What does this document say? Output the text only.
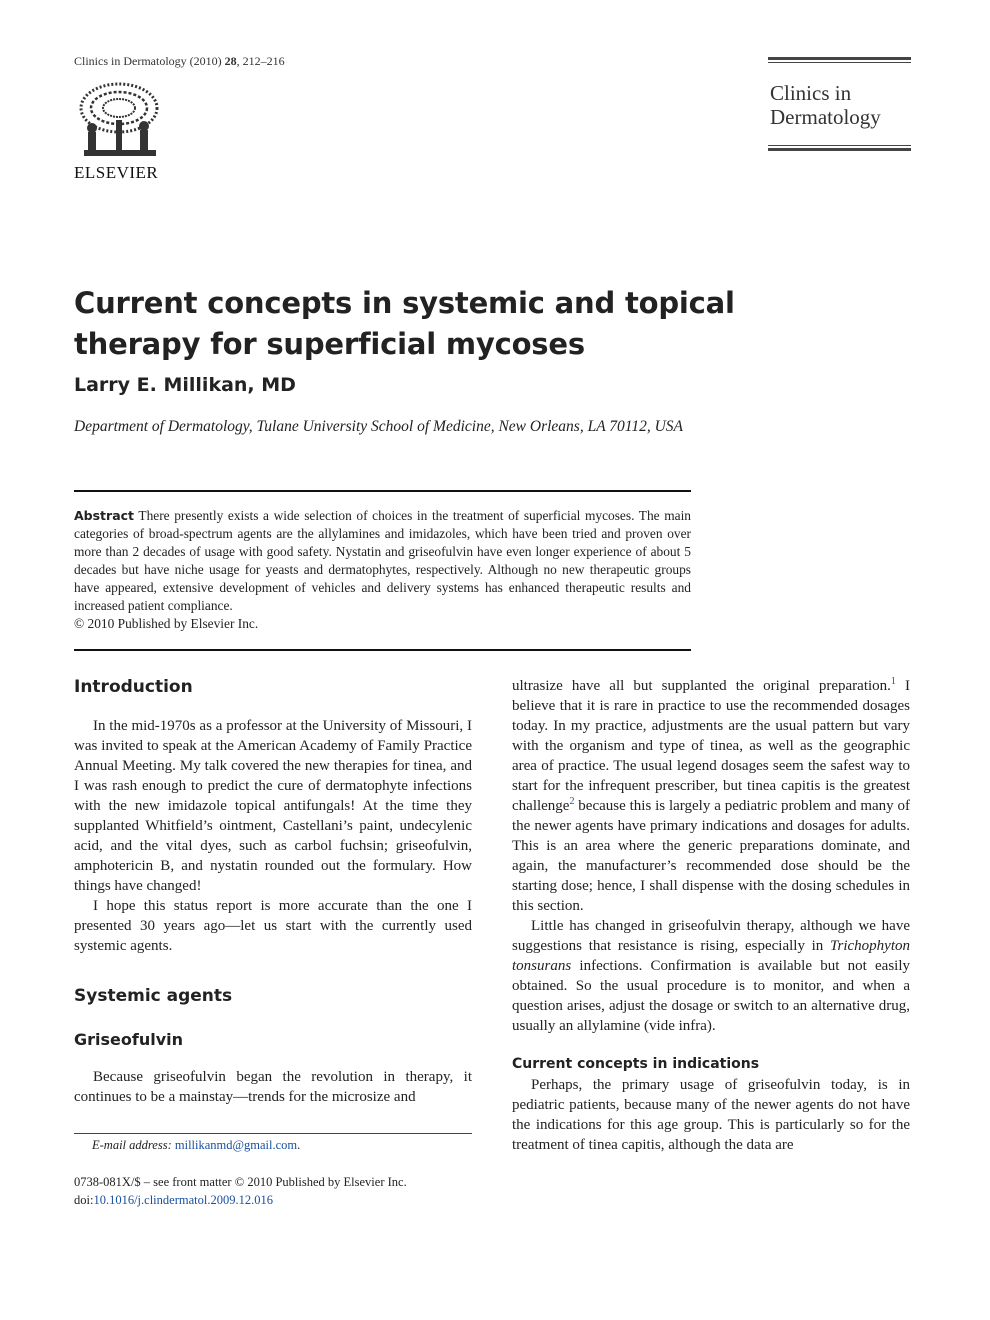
Clinics in Dermatology (2010) 28, 212–216
ELSEVIER
Clinics in
Dermatology
Current concepts in systemic and topical therapy for superficial mycoses
Larry E. Millikan, MD
Department of Dermatology, Tulane University School of Medicine, New Orleans, LA 70112, USA
Abstract There presently exists a wide selection of choices in the treatment of superficial mycoses. The main categories of broad-spectrum agents are the allylamines and imidazoles, which have been tried and proven over more than 2 decades of usage with good safety. Nystatin and griseofulvin have even longer experience of about 5 decades but have niche usage for yeasts and dermatophytes, respectively. Although no new therapeutic groups have appeared, extensive development of vehicles and delivery systems has enhanced therapeutic results and increased patient compliance.
© 2010 Published by Elsevier Inc.
Introduction

In the mid-1970s as a professor at the University of Missouri, I was invited to speak at the American Academy of Family Practice Annual Meeting. My talk covered the new therapies for tinea, and I was rash enough to predict the cure of dermatophyte infections with the new imidazole topical antifungals! At the time they supplanted Whitfield’s ointment, Castellani’s paint, undecylenic acid, and the vital dyes, such as carbol fuchsin; griseofulvin, amphotericin B, and nystatin rounded out the formulary. How things have changed!

I hope this status report is more accurate than the one I presented 30 years ago—let us start with the currently used systemic agents.

Systemic agents
Griseofulvin

Because griseofulvin began the revolution in therapy, it continues to be a mainstay—trends for the microsize and

ultrasize have all but supplanted the original preparation.$^1$ I believe that it is rare in practice to use the recommended dosages today. In my practice, adjustments are the usual pattern but vary with the organism and type of tinea, as well as the geographic area of practice. The usual legend dosages seem the safest way to start for the infrequent prescriber, but tinea capitis is the greatest challenge$^2$ because this is largely a pediatric problem and many of the newer agents have primary indications and dosages for adults. This is an area where the generic preparations dominate, and again, the manufacturer’s recommended dose should be the starting dose; hence, I shall dispense with the dosing schedules in this section.

Little has changed in griseofulvin therapy, although we have suggestions that resistance is rising, especially in Trichophyton tonsurans infections. Confirmation is available but not easily obtained. So the usual procedure is to monitor, and when a question arises, adjust the dosage or switch to an alternative drug, usually an allylamine (vide infra).

Current concepts in indications

Perhaps, the primary usage of griseofulvin today, is in pediatric patients, because many of the newer agents do not have the indications for this age group. This is particularly so for the treatment of tinea capitis, although the data are

E-mail address: millikanmd@gmail.com.
0738-081X/$ – see front matter © 2010 Published by Elsevier Inc.
doi:10.1016/j.clindermatol.2009.12.016
